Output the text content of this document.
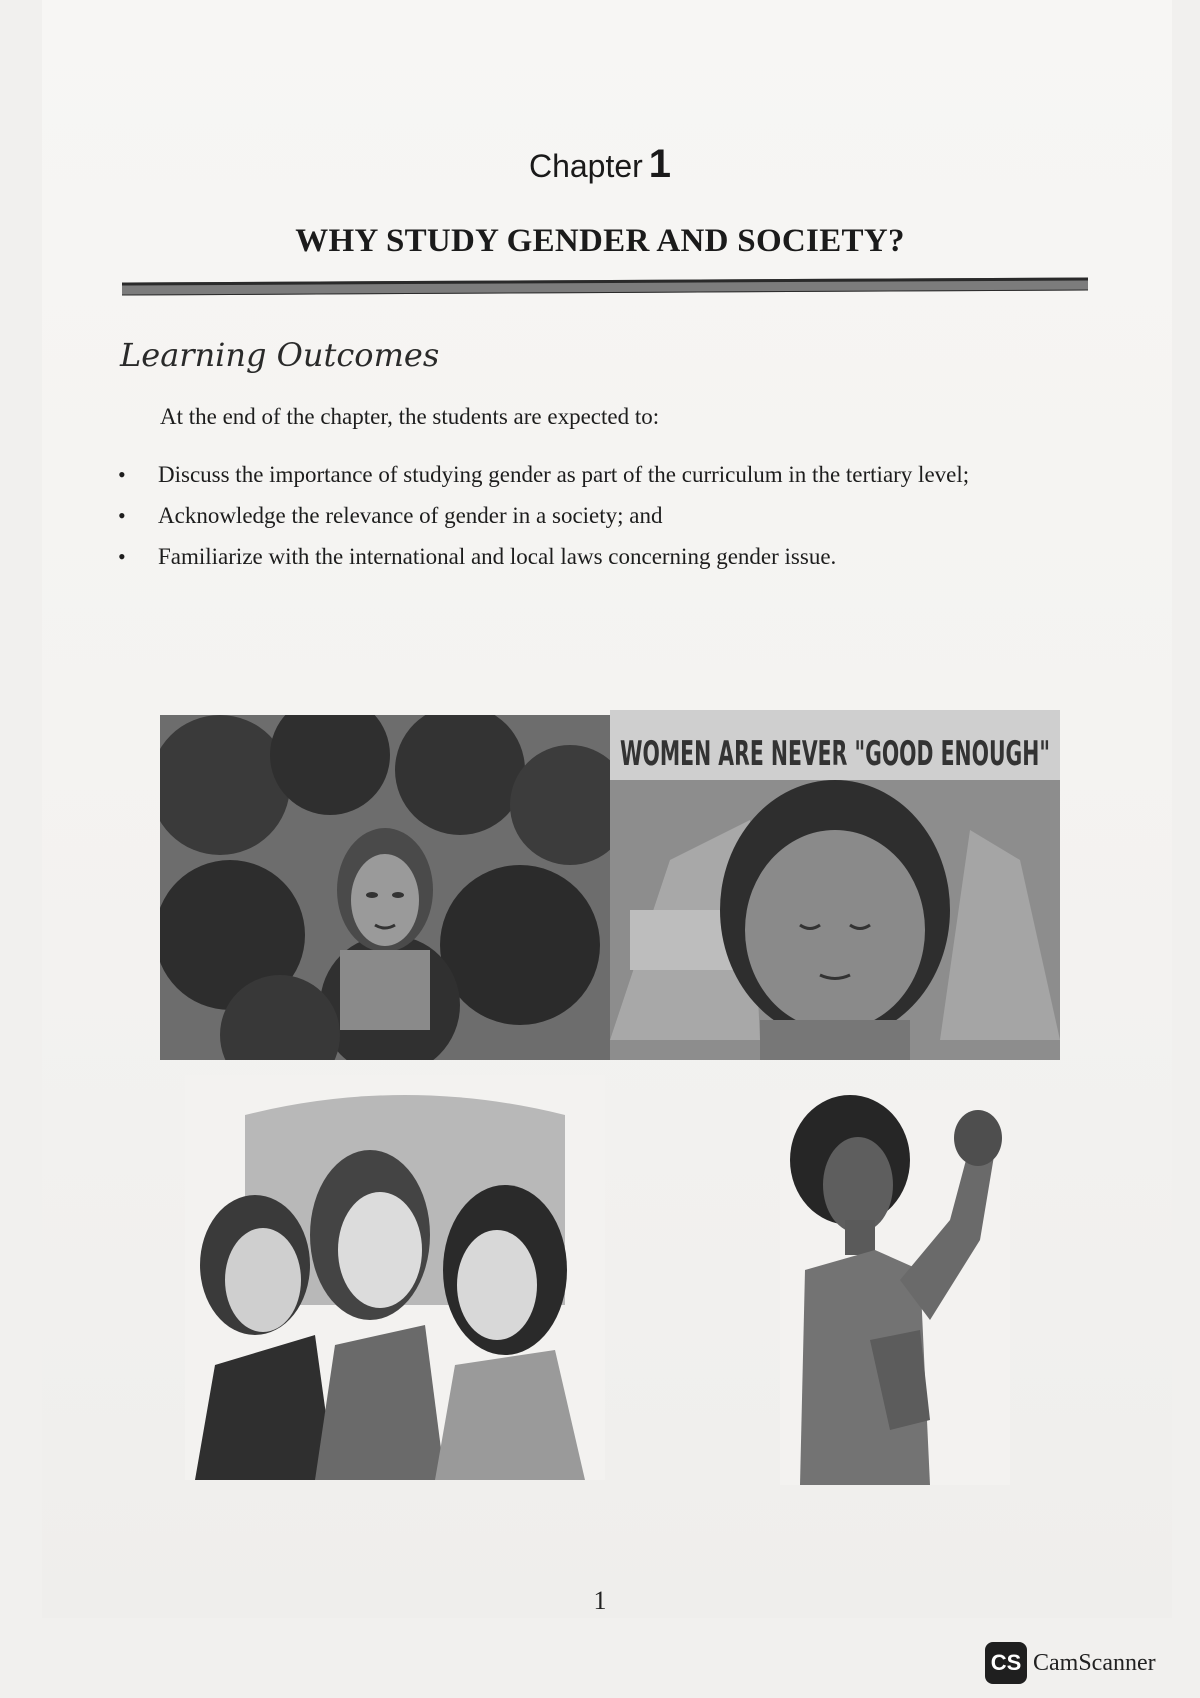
Chapter 1
WHY STUDY GENDER AND SOCIETY?
Learning Outcomes
At the end of the chapter, the students are expected to:
• Discuss the importance of studying gender as part of the curriculum in the tertiary level;
• Acknowledge the relevance of gender in a society; and
• Familiarize with the international and local laws concerning gender issue.
WOMEN ARE NEVER "GOOD ENOUGH"
1
CS CamScanner
